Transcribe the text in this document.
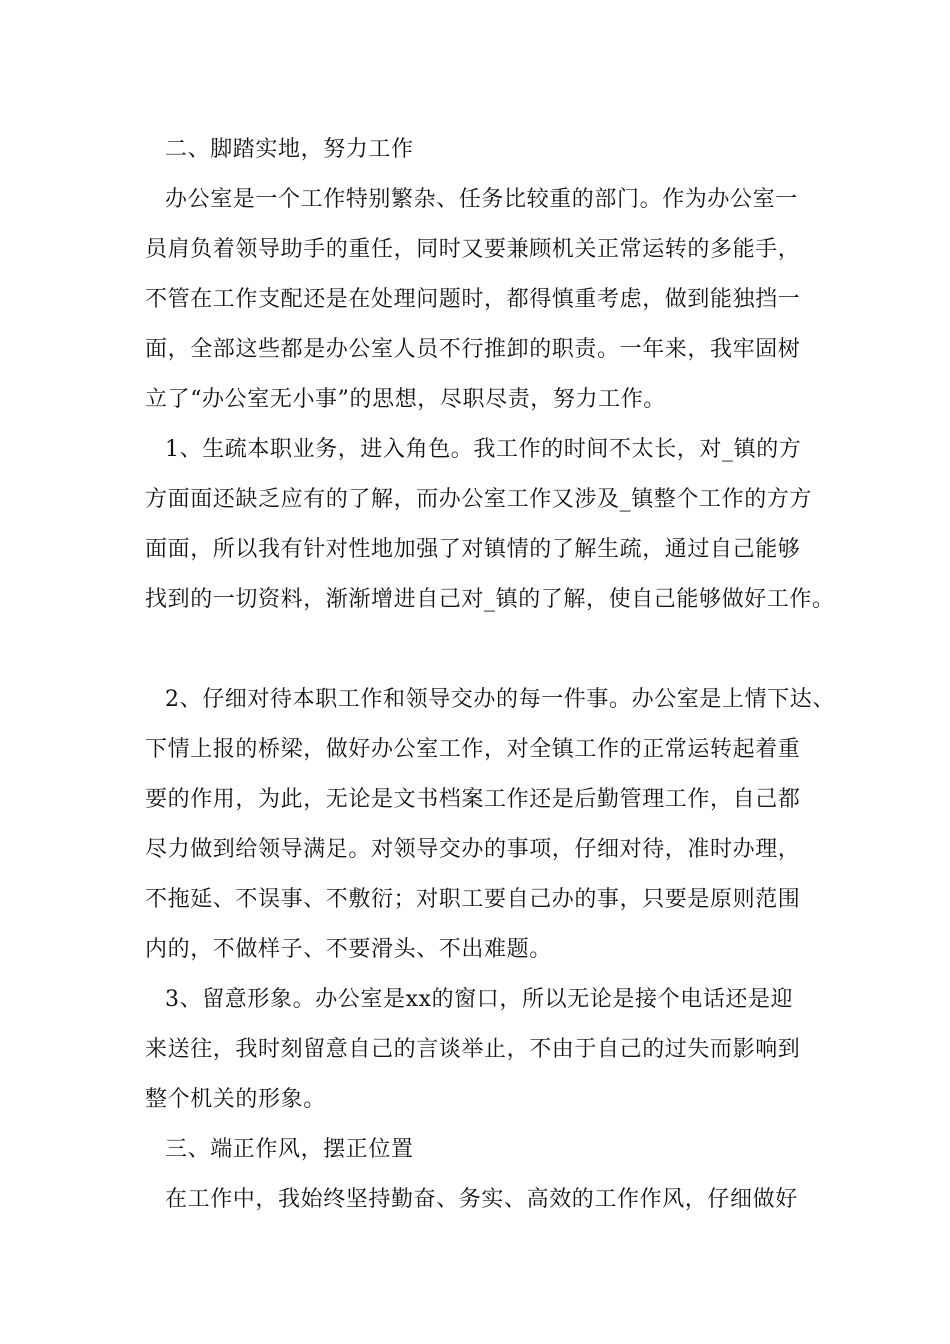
二、脚踏实地，努力工作
办公室是一个工作特别繁杂、任务比较重的部门。作为办公室一
员肩负着领导助手的重任，同时又要兼顾机关正常运转的多能手，
不管在工作支配还是在处理问题时，都得慎重考虑，做到能独挡一
面，全部这些都是办公室人员不行推卸的职责。一年来，我牢固树
立了“办公室无小事”的思想，尽职尽责，努力工作。
1、生疏本职业务，进入角色。我工作的时间不太长，对_镇的方
方面面还缺乏应有的了解，而办公室工作又涉及_镇整个工作的方方
面面，所以我有针对性地加强了对镇情的了解生疏，通过自己能够
找到的一切资料，渐渐增进自己对_镇的了解，使自己能够做好工作。
2、仔细对待本职工作和领导交办的每一件事。办公室是上情下达、
下情上报的桥梁，做好办公室工作，对全镇工作的正常运转起着重
要的作用，为此，无论是文书档案工作还是后勤管理工作，自己都
尽力做到给领导满足。对领导交办的事项，仔细对待，准时办理，
不拖延、不误事、不敷衍；对职工要自己办的事，只要是原则范围
内的，不做样子、不要滑头、不出难题。
3、留意形象。办公室是xx的窗口，所以无论是接个电话还是迎
来送往，我时刻留意自己的言谈举止，不由于自己的过失而影响到
整个机关的形象。
三、端正作风，摆正位置
在工作中，我始终坚持勤奋、务实、高效的工作作风，仔细做好
